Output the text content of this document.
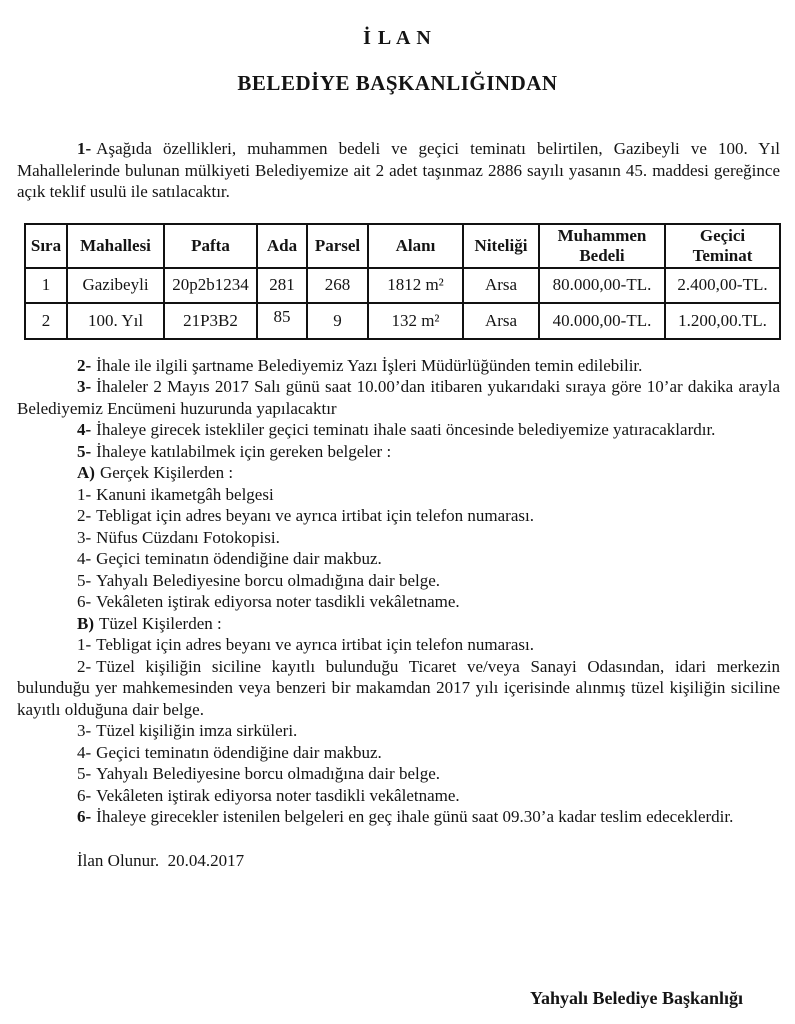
İ L A N
BELEDİYE BAŞKANLIĞINDAN

1- Aşağıda özellikleri, muhammen bedeli ve geçici teminatı belirtilen, Gazibeyli ve 100. Yıl Mahallelerinde bulunan mülkiyeti Belediyemize ait 2 adet taşınmaz 2886 sayılı yasanın 45. maddesi gereğince açık teklif usulü ile satılacaktır.

Sıra	Mahallesi	Pafta	Ada	Parsel	Alanı	Niteliği	Muhammen Bedeli	Geçici Teminat
1	Gazibeyli	20p2b1234	281	268	1812 m²	Arsa	80.000,00-TL.	2.400,00-TL.
2	100. Yıl	21P3B2	85	9	132 m²	Arsa	40.000,00-TL.	1.200,00.TL.

2- İhale ile ilgili şartname Belediyemiz Yazı İşleri Müdürlüğünden temin edilebilir.

3- İhaleler 2 Mayıs 2017 Salı günü saat 10.00’dan itibaren yukarıdaki sıraya göre 10’ar dakika arayla Belediyemiz Encümeni huzurunda yapılacaktır

4- İhaleye girecek istekliler geçici teminatı ihale saati öncesinde belediyemize yatıracaklardır.

5- İhaleye katılabilmek için gereken belgeler :

A) Gerçek Kişilerden :

1- Kanuni ikametgâh belgesi

2- Tebligat için adres beyanı ve ayrıca irtibat için telefon numarası.

3- Nüfus Cüzdanı Fotokopisi.

4- Geçici teminatın ödendiğine dair makbuz.

5- Yahyalı Belediyesine borcu olmadığına dair belge.

6- Vekâleten iştirak ediyorsa noter tasdikli vekâletname.

B) Tüzel Kişilerden :

1- Tebligat için adres beyanı ve ayrıca irtibat için telefon numarası.

2- Tüzel kişiliğin siciline kayıtlı bulunduğu Ticaret ve/veya Sanayi Odasından, idari merkezin bulunduğu yer mahkemesinden veya benzeri bir makamdan 2017 yılı içerisinde alınmış tüzel kişiliğin siciline kayıtlı olduğuna dair belge.

3- Tüzel kişiliğin imza sirküleri.

4- Geçici teminatın ödendiğine dair makbuz.

5- Yahyalı Belediyesine borcu olmadığına dair belge.

6- Vekâleten iştirak ediyorsa noter tasdikli vekâletname.

6- İhaleye girecekler istenilen belgeleri en geç ihale günü saat 09.30’a kadar teslim edeceklerdir.

İlan Olunur.  20.04.2017

Yahyalı Belediye Başkanlığı
